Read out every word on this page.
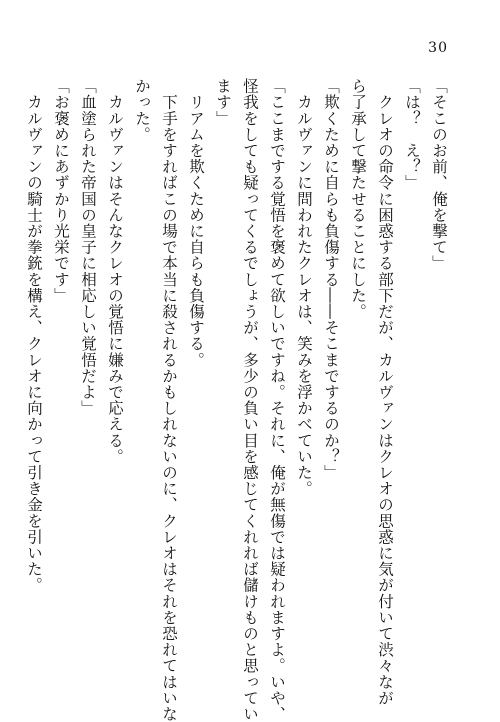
30
「そこのお前、俺を撃て」
「は？　え？」
　クレオの命令に困惑する部下だが、カルヴァンはクレオの思惑に気が付いて渋々なが
ら了承して撃たせることにした。
「欺くために自らも負傷する――そこまでするのか？」
　カルヴァンに問われたクレオは、笑みを浮かべていた。
「ここまでする覚悟を褒めて欲しいですね。それに、俺が無傷では疑われますよ。いや、
怪我をしても疑ってくるでしょうが、多少の負い目を感じてくれれば儲けものと思ってい
ます」
　リアムを欺くために自らも負傷する。
　下手をすればこの場で本当に殺されるかもしれないのに、クレオはそれを恐れてはいな
かった。
　カルヴァンはそんなクレオの覚悟に嫌みで応える。
「血塗られた帝国の皇子に相応しい覚悟だよ」
「お褒めにあずかり光栄です」
　カルヴァンの騎士が拳銃を構え、クレオに向かって引き金を引いた。
